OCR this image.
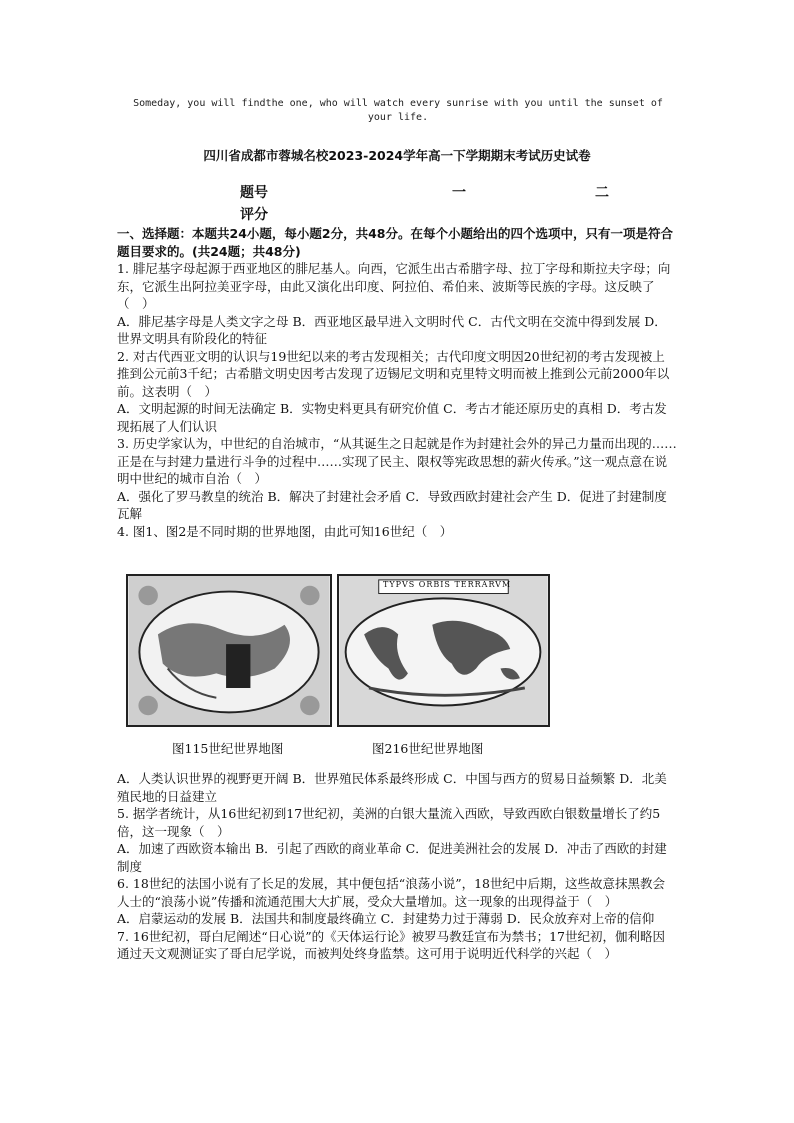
Someday, you will findthe one, who will watch every sunrise with you until the sunset of your life.
四川省成都市蓉城名校2023-2024学年高一下学期期末考试历史试卷
题号	一	二
评分

一、选择题：本题共24小题，每小题2分，共48分。在每个小题给出的四个选项中，只有一项是符合题目要求的。(共24题；共48分)

1. 腓尼基字母起源于西亚地区的腓尼基人。向西，它派生出古希腊字母、拉丁字母和斯拉夫字母；向东，它派生出阿拉美亚字母，由此又演化出印度、阿拉伯、希伯来、波斯等民族的字母。这反映了（　）

A．腓尼基字母是人类文字之母 B．西亚地区最早进入文明时代 C．古代文明在交流中得到发展 D．世界文明具有阶段化的特征

2. 对古代西亚文明的认识与19世纪以来的考古发现相关；古代印度文明因20世纪初的考古发现被上推到公元前3千纪；古希腊文明史因考古发现了迈锡尼文明和克里特文明而被上推到公元前2000年以前。这表明（　）

A．文明起源的时间无法确定 B．实物史料更具有研究价值 C．考古才能还原历史的真相 D．考古发现拓展了人们认识

3. 历史学家认为，中世纪的自治城市，“从其诞生之日起就是作为封建社会外的异己力量而出现的……正是在与封建力量进行斗争的过程中……实现了民主、限权等宪政思想的薪火传承。”这一观点意在说明中世纪的城市自治（　）

A．强化了罗马教皇的统治 B．解决了封建社会矛盾 C．导致西欧封建社会产生 D．促进了封建制度瓦解

4. 图1、图2是不同时期的世界地图，由此可知16世纪（　）

TYPVS ORBIS TERRARVM
图115世纪世界地图	图216世纪世界地图

A．人类认识世界的视野更开阔 B．世界殖民体系最终形成 C．中国与西方的贸易日益频繁 D．北美殖民地的日益建立

5. 据学者统计，从16世纪初到17世纪初，美洲的白银大量流入西欧，导致西欧白银数量增长了约5倍，这一现象（　）

A．加速了西欧资本输出 B．引起了西欧的商业革命 C．促进美洲社会的发展 D．冲击了西欧的封建制度

6. 18世纪的法国小说有了长足的发展，其中便包括“浪荡小说”，18世纪中后期，这些故意抹黑教会人士的“浪荡小说”传播和流通范围大大扩展，受众大量增加。这一现象的出现得益于（　）

A．启蒙运动的发展 B．法国共和制度最终确立 C．封建势力过于薄弱 D．民众放弃对上帝的信仰

7. 16世纪初，哥白尼阐述“日心说”的《天体运行论》被罗马教廷宣布为禁书；17世纪初，伽利略因通过天文观测证实了哥白尼学说，而被判处终身监禁。这可用于说明近代科学的兴起（　）
